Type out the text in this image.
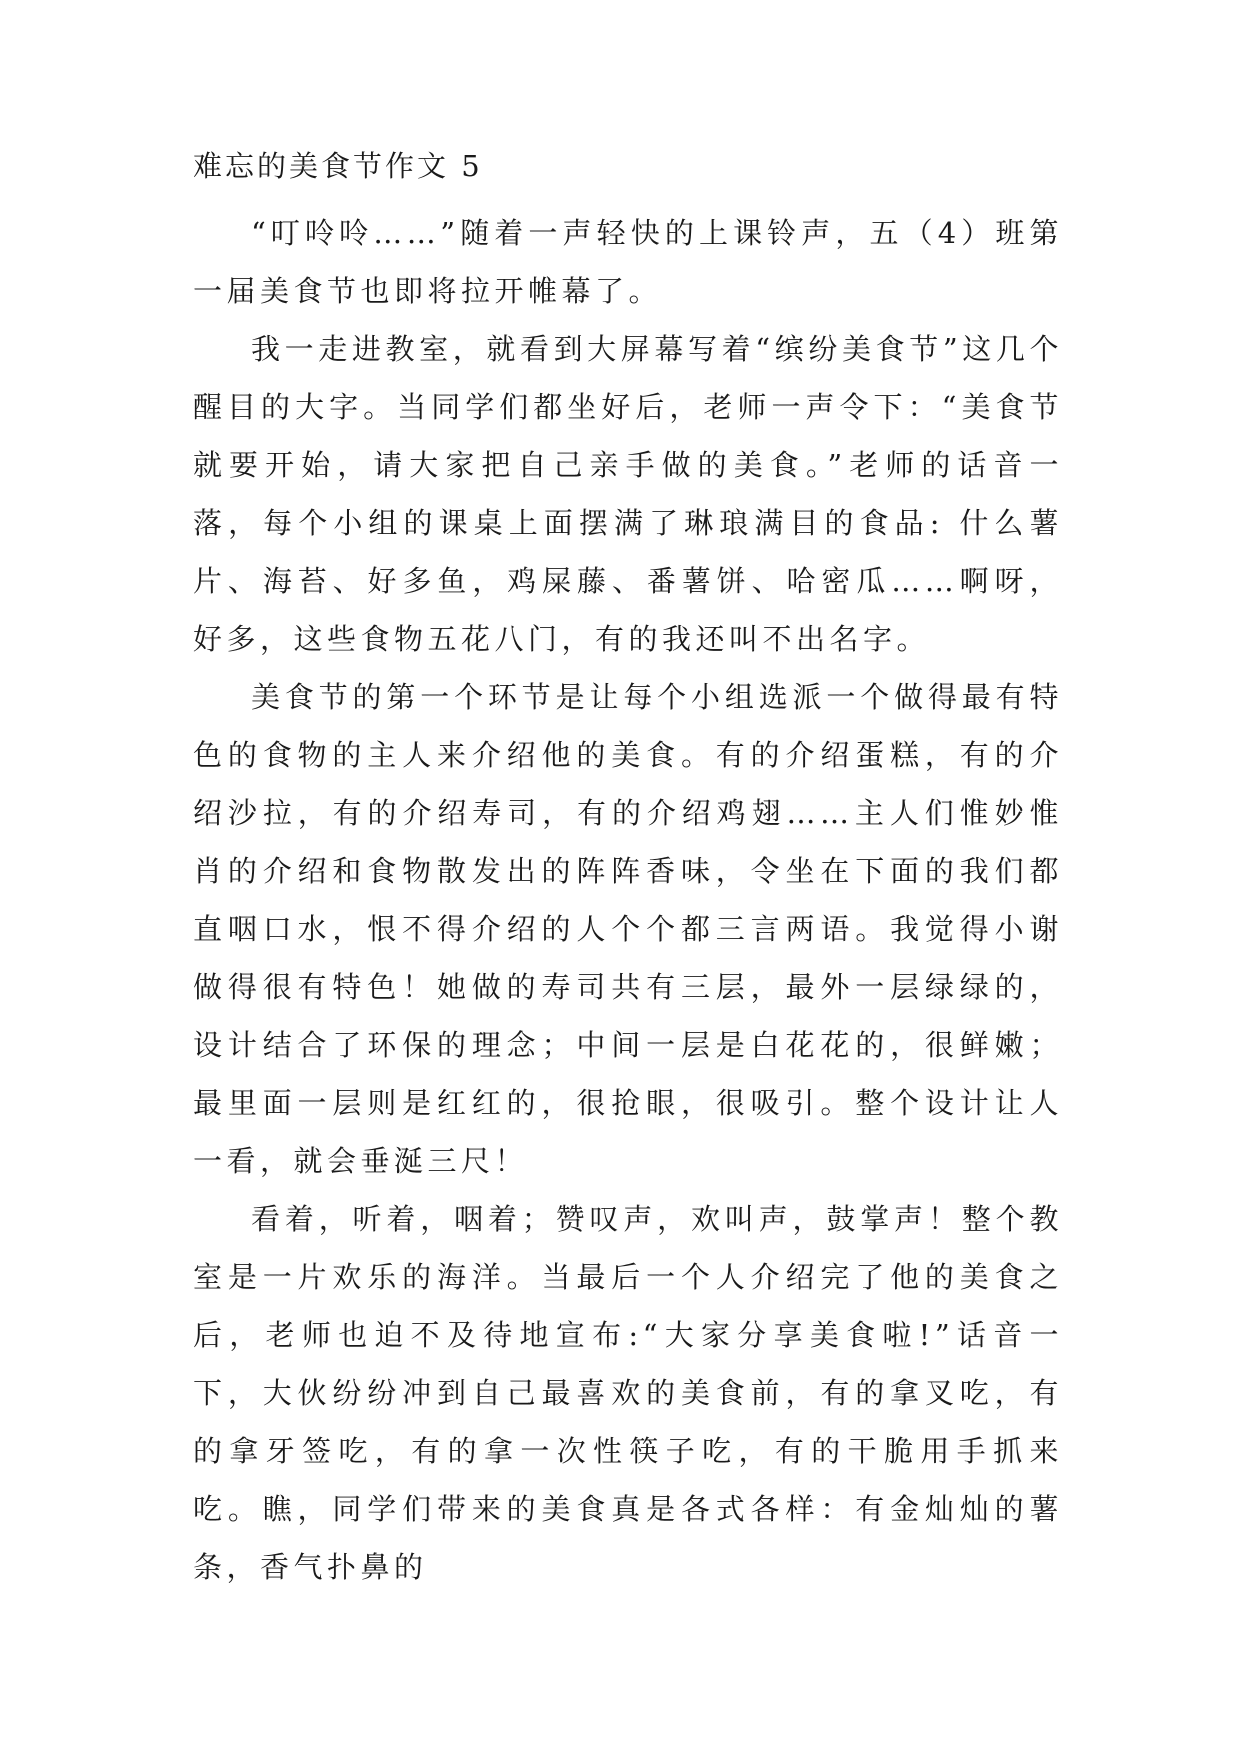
难忘的美食节作文 5

“叮呤呤……”随着一声轻快的上课铃声，五（4）班第一届美食节也即将拉开帷幕了。

我一走进教室，就看到大屏幕写着“缤纷美食节”这几个醒目的大字。当同学们都坐好后，老师一声令下：“美食节就要开始，请大家把自己亲手做的美食。”老师的话音一落，每个小组的课桌上面摆满了琳琅满目的食品: 什么薯片、海苔、好多鱼，鸡屎藤、番薯饼、哈密瓜……啊呀，好多，这些食物五花八门，有的我还叫不出名字。

美食节的第一个环节是让每个小组选派一个做得最有特色的食物的主人来介绍他的美食。有的介绍蛋糕，有的介绍沙拉，有的介绍寿司，有的介绍鸡翅……主人们惟妙惟肖的介绍和食物散发出的阵阵香味，令坐在下面的我们都直咽口水，恨不得介绍的人个个都三言两语。我觉得小谢做得很有特色！她做的寿司共有三层，最外一层绿绿的，设计结合了环保的理念；中间一层是白花花的，很鲜嫩；最里面一层则是红红的，很抢眼，很吸引。整个设计让人一看，就会垂涎三尺！

看着，听着，咽着；赞叹声，欢叫声，鼓掌声！整个教室是一片欢乐的海洋。当最后一个人介绍完了他的美食之后，老师也迫不及待地宣布:“大家分享美食啦!”话音一下，大伙纷纷冲到自己最喜欢的美食前，有的拿叉吃，有的拿牙签吃，有的拿一次性筷子吃，有的干脆用手抓来吃。瞧，同学们带来的美食真是各式各样：有金灿灿的薯条，香气扑鼻的
